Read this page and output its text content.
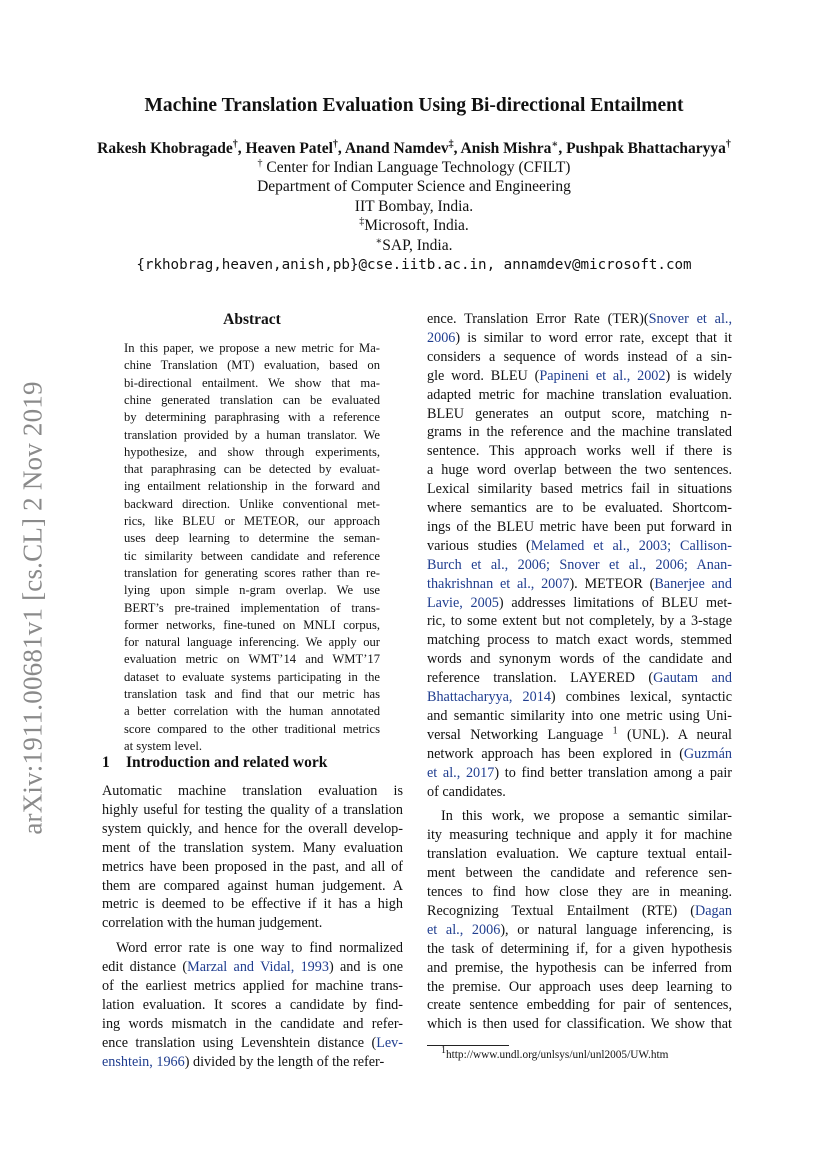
arXiv:1911.00681v1 [cs.CL] 2 Nov 2019
Machine Translation Evaluation Using Bi-directional Entailment
Rakesh Khobragade†, Heaven Patel†, Anand Namdev‡, Anish Mishra∗, Pushpak Bhattacharyya†
† Center for Indian Language Technology (CFILT)
Department of Computer Science and Engineering
IIT Bombay, India.
‡Microsoft, India.
∗SAP, India.
{rkhobrag,heaven,anish,pb}@cse.iitb.ac.in, annamdev@microsoft.com
Abstract
In this paper, we propose a new metric for Ma-
chine Translation (MT) evaluation, based on
bi-directional entailment. We show that ma-
chine generated translation can be evaluated
by determining paraphrasing with a reference
translation provided by a human translator. We
hypothesize, and show through experiments,
that paraphrasing can be detected by evaluat-
ing entailment relationship in the forward and
backward direction. Unlike conventional met-
rics, like BLEU or METEOR, our approach
uses deep learning to determine the seman-
tic similarity between candidate and reference
translation for generating scores rather than re-
lying upon simple n-gram overlap. We use
BERT’s pre-trained implementation of trans-
former networks, fine-tuned on MNLI corpus,
for natural language inferencing. We apply our
evaluation metric on WMT’14 and WMT’17
dataset to evaluate systems participating in the
translation task and find that our metric has
a better correlation with the human annotated
score compared to the other traditional metrics
at system level.
1 Introduction and related work
Automatic machine translation evaluation is
highly useful for testing the quality of a translation
system quickly, and hence for the overall develop-
ment of the translation system. Many evaluation
metrics have been proposed in the past, and all of
them are compared against human judgement. A
metric is deemed to be effective if it has a high
correlation with the human judgement.
Word error rate is one way to find normalized
edit distance (Marzal and Vidal, 1993) and is one
of the earliest metrics applied for machine trans-
lation evaluation. It scores a candidate by find-
ing words mismatch in the candidate and refer-
ence translation using Levenshtein distance (Lev-
enshtein, 1966) divided by the length of the refer-
ence. Translation Error Rate (TER)(Snover et al.,
2006) is similar to word error rate, except that it
considers a sequence of words instead of a sin-
gle word. BLEU (Papineni et al., 2002) is widely
adapted metric for machine translation evaluation.
BLEU generates an output score, matching n-
grams in the reference and the machine translated
sentence. This approach works well if there is
a huge word overlap between the two sentences.
Lexical similarity based metrics fail in situations
where semantics are to be evaluated. Shortcom-
ings of the BLEU metric have been put forward in
various studies (Melamed et al., 2003; Callison-
Burch et al., 2006; Snover et al., 2006; Anan-
thakrishnan et al., 2007). METEOR (Banerjee and
Lavie, 2005) addresses limitations of BLEU met-
ric, to some extent but not completely, by a 3-stage
matching process to match exact words, stemmed
words and synonym words of the candidate and
reference translation. LAYERED (Gautam and
Bhattacharyya, 2014) combines lexical, syntactic
and semantic similarity into one metric using Uni-
versal Networking Language $^1$ (UNL). A neural
network approach has been explored in (Guzmán
et al., 2017) to find better translation among a pair
of candidates.
In this work, we propose a semantic similar-
ity measuring technique and apply it for machine
translation evaluation. We capture textual entail-
ment between the candidate and reference sen-
tences to find how close they are in meaning.
Recognizing Textual Entailment (RTE) (Dagan
et al., 2006), or natural language inferencing, is
the task of determining if, for a given hypothesis
and premise, the hypothesis can be inferred from
the premise. Our approach uses deep learning to
create sentence embedding for pair of sentences,
which is then used for classification. We show that
$^1$http://www.undl.org/unlsys/unl/unl2005/UW.htm
